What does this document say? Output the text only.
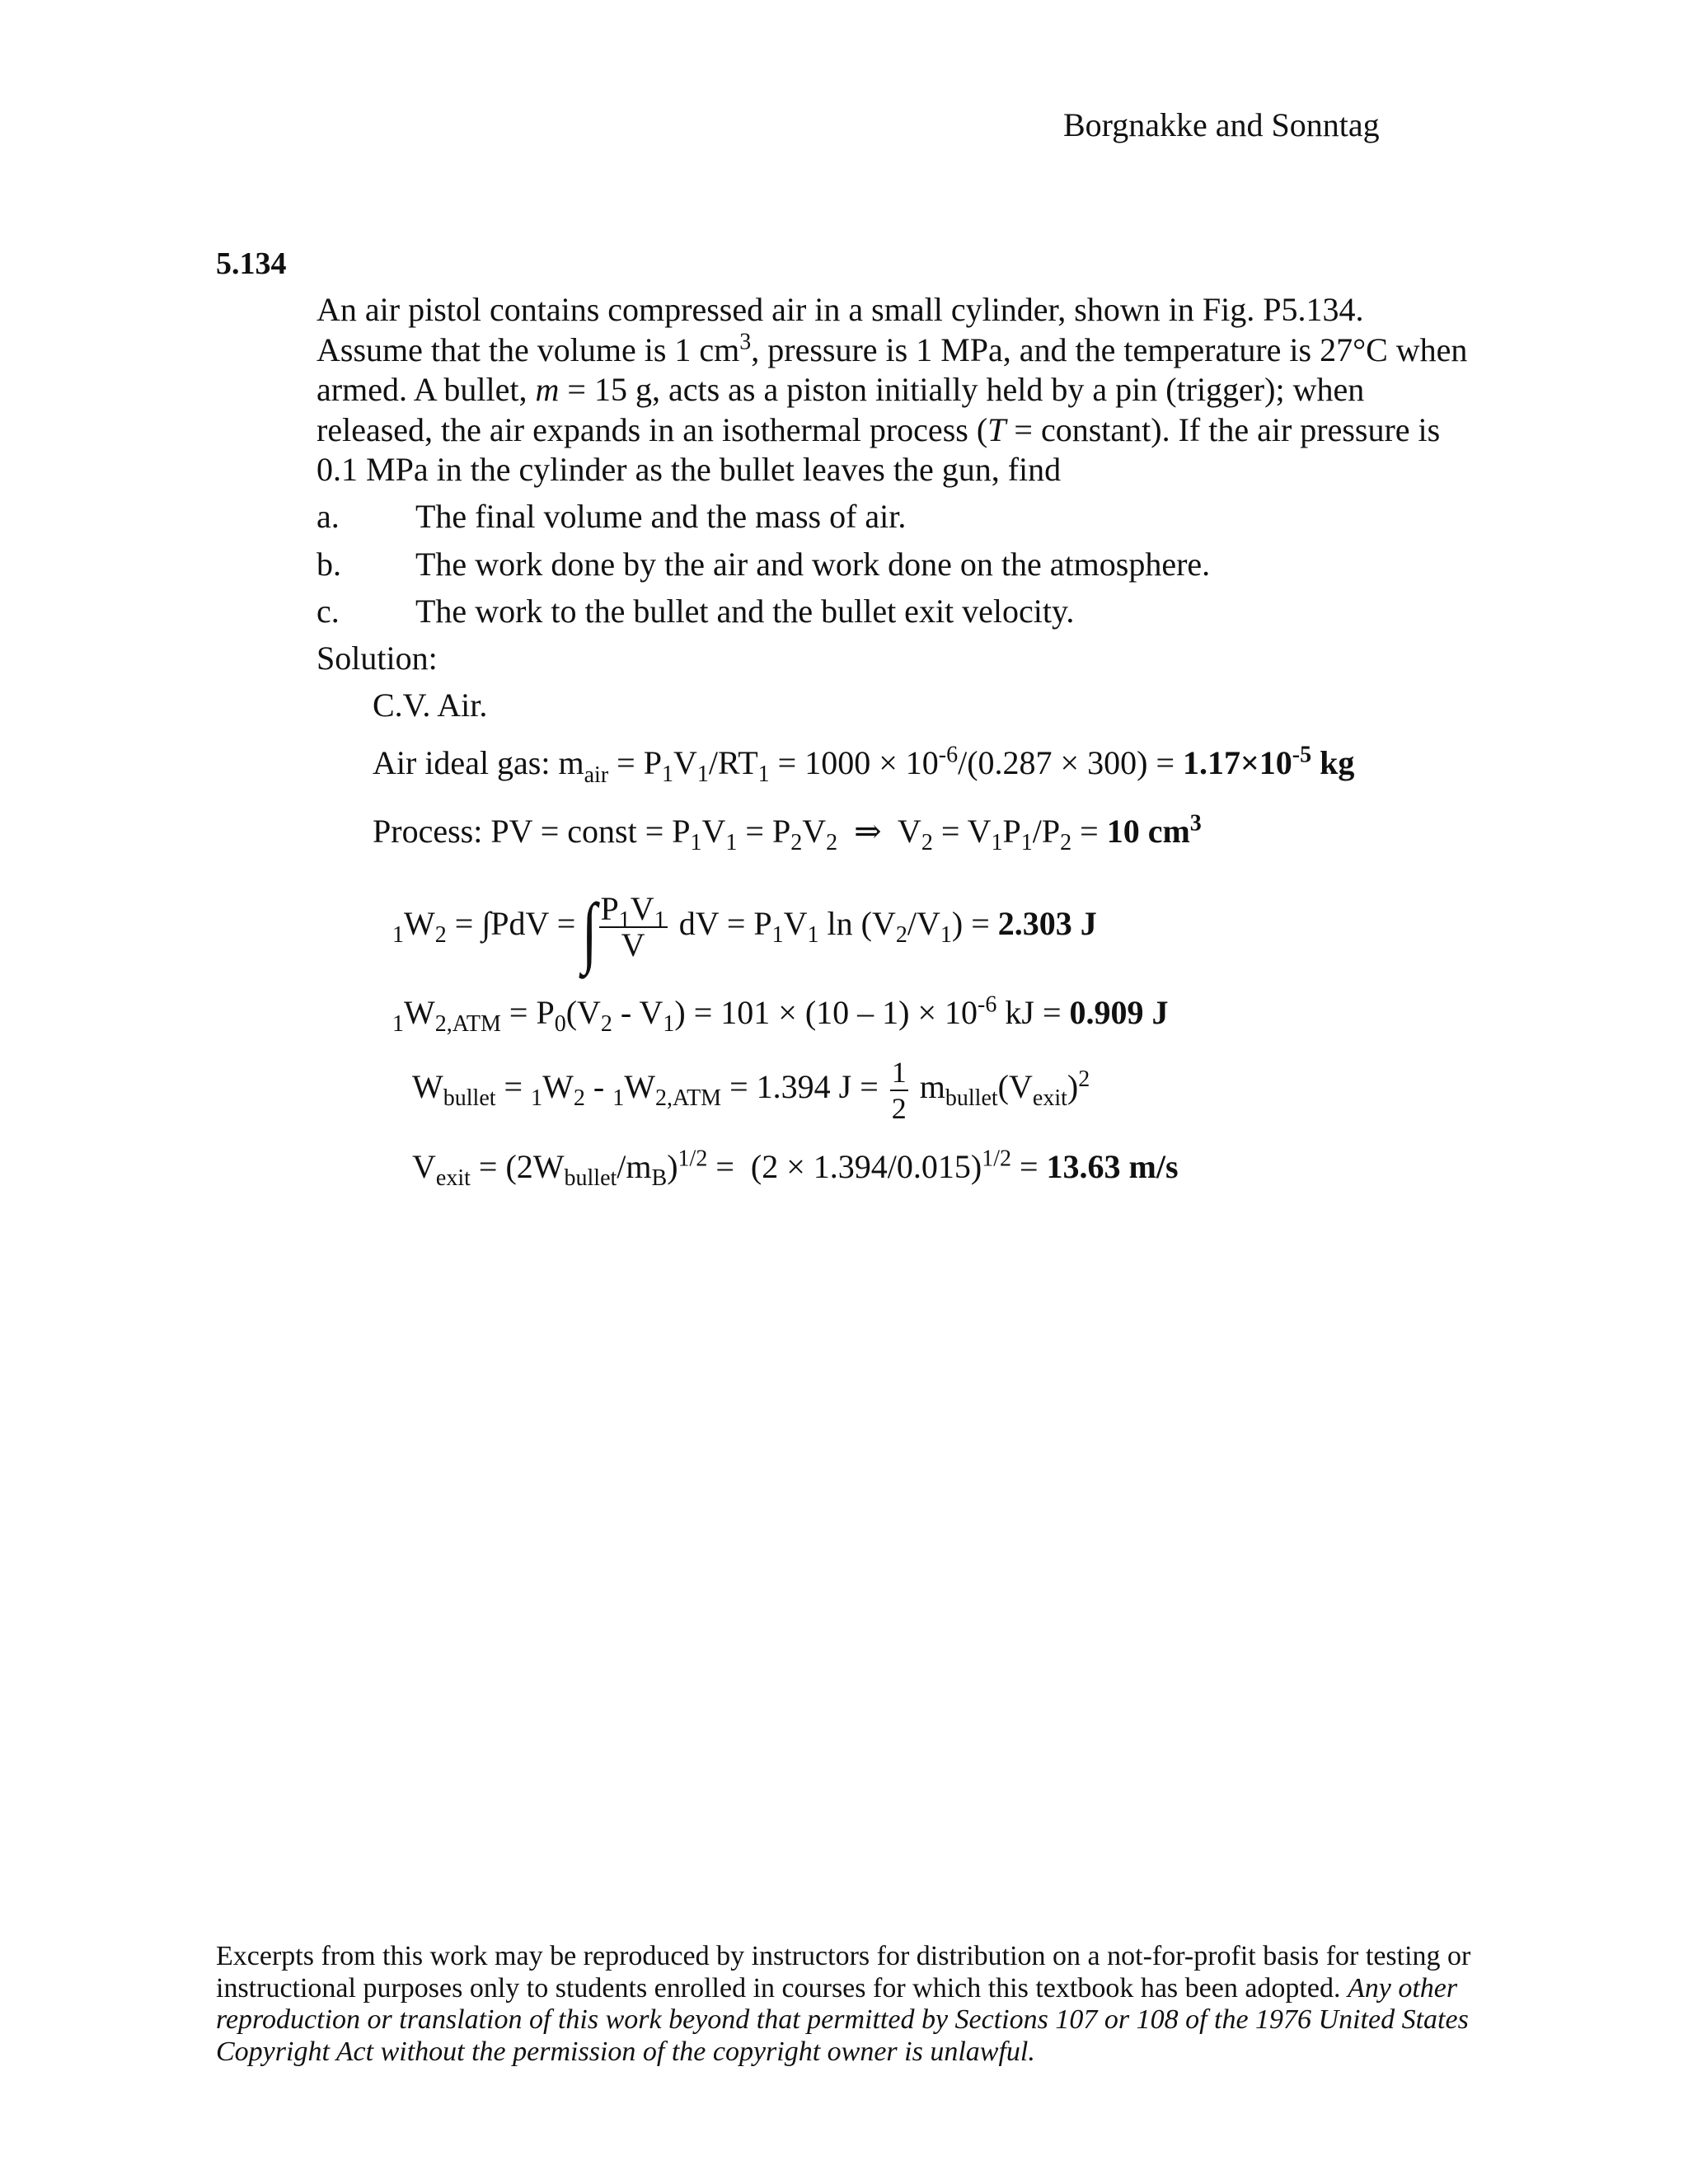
Borgnakke and Sonntag
5.134
An air pistol contains compressed air in a small cylinder, shown in Fig. P5.134. Assume that the volume is 1 $cm^3$, pressure is 1 MPa, and the temperature is 27°C when armed. A bullet, m = 15 g, acts as a piston initially held by a pin (trigger); when released, the air expands in an isothermal process (T = constant). If the air pressure is 0.1 MPa in the cylinder as the bullet leaves the gun, find
a. The final volume and the mass of air.
b. The work done by the air and work done on the atmosphere.
c. The work to the bullet and the bullet exit velocity.
Solution:
C.V. Air.
Air ideal gas: $m_{air} = P_1V_1/RT_1 = 1000 \times 10^{-6}/(0.287 \times 300) = 1.17\times 10^{-5}$ kg
Process: PV = const = $P_1V_1 = P_2V_2$  ⇒  $V_2 = V_1P_1/P_2 = 10$ $cm^3$
$_1W_2 = \int PdV$ = ∫ $\frac{P_1V_1}{V}$ dV = $P_1V_1$ $\ln (V_2/V_1) = 2.303$ J
$_1W_{2,ATM} = P_0(V_2 - V_1) = 101 \times (10 - 1) \times 10^{-6}$ kJ = 0.909 J
$W_{bullet} = _1W_2 - _1W_{2,ATM} = 1.394$ $J = \frac{1}{2} m_{bullet}(V_{exit})^2$
$V_{exit} = (2W_{bullet}/m_B)^{1/2} = (2 \times 1.394/0.015)^{1/2} = 13.63$ m/s
Excerpts from this work may be reproduced by instructors for distribution on a not-for-profit basis for testing or instructional purposes only to students enrolled in courses for which this textbook has been adopted. Any other reproduction or translation of this work beyond that permitted by Sections 107 or 108 of the 1976 United States Copyright Act without the permission of the copyright owner is unlawful.
